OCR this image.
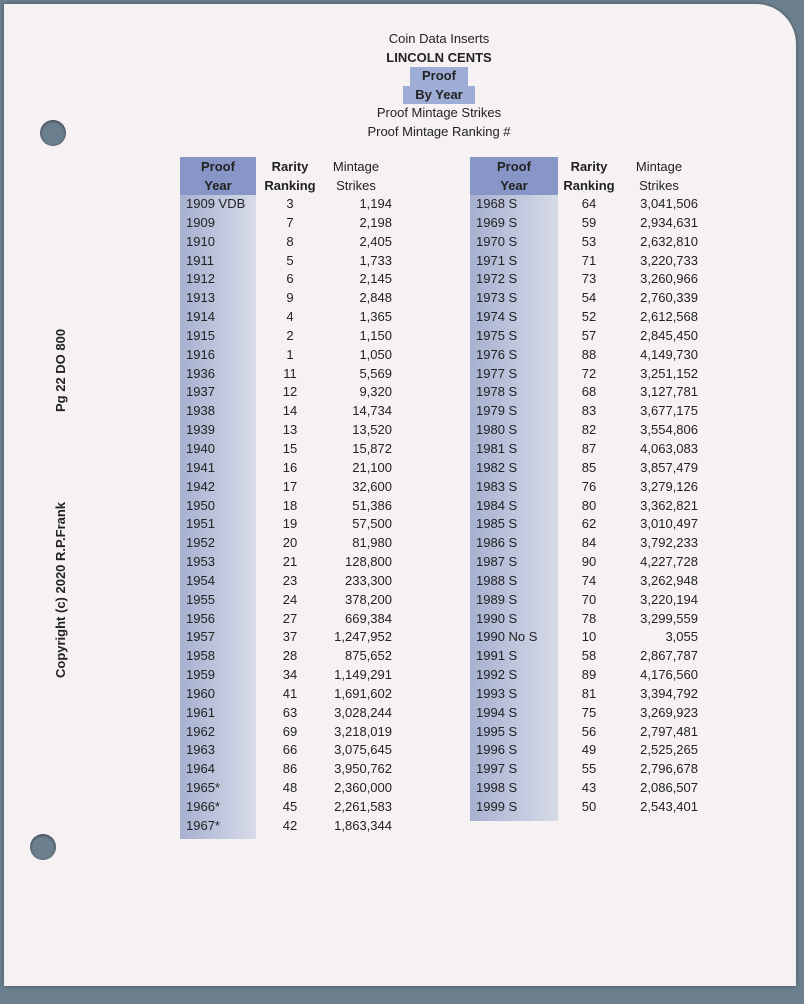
Coin Data Inserts
LINCOLN CENTS
Proof
By Year
Proof Mintage Strikes
Proof Mintage Ranking #
Copyright (c) 2020 R.P.Frank
Pg 22 DO 800
Proof
Year
1909 VDB
1909
1910
1911
1912
1913
1914
1915
1916
1936
1937
1938
1939
1940
1941
1942
1950
1951
1952
1953
1954
1955
1956
1957
1958
1959
1960
1961
1962
1963
1964
1965*
1966*
1967*
Rarity
Ranking
3
7
8
5
6
9
4
2
1
11
12
14
13
15
16
17
18
19
20
21
23
24
27
37
28
34
41
63
69
66
86
48
45
42
Mintage
Strikes
1,194
2,198
2,405
1,733
2,145
2,848
1,365
1,150
1,050
5,569
9,320
14,734
13,520
15,872
21,100
32,600
51,386
57,500
81,980
128,800
233,300
378,200
669,384
1,247,952
875,652
1,149,291
1,691,602
3,028,244
3,218,019
3,075,645
3,950,762
2,360,000
2,261,583
1,863,344
Proof
Year
1968 S
1969 S
1970 S
1971 S
1972 S
1973 S
1974 S
1975 S
1976 S
1977 S
1978 S
1979 S
1980 S
1981 S
1982 S
1983 S
1984 S
1985 S
1986 S
1987 S
1988 S
1989 S
1990 S
1990 No S
1991 S
1992 S
1993 S
1994 S
1995 S
1996 S
1997 S
1998 S
1999 S
Rarity
Ranking
64
59
53
71
73
54
52
57
88
72
68
83
82
87
85
76
80
62
84
90
74
70
78
10
58
89
81
75
56
49
55
43
50
Mintage
Strikes
3,041,506
2,934,631
2,632,810
3,220,733
3,260,966
2,760,339
2,612,568
2,845,450
4,149,730
3,251,152
3,127,781
3,677,175
3,554,806
4,063,083
3,857,479
3,279,126
3,362,821
3,010,497
3,792,233
4,227,728
3,262,948
3,220,194
3,299,559
3,055
2,867,787
4,176,560
3,394,792
3,269,923
2,797,481
2,525,265
2,796,678
2,086,507
2,543,401
